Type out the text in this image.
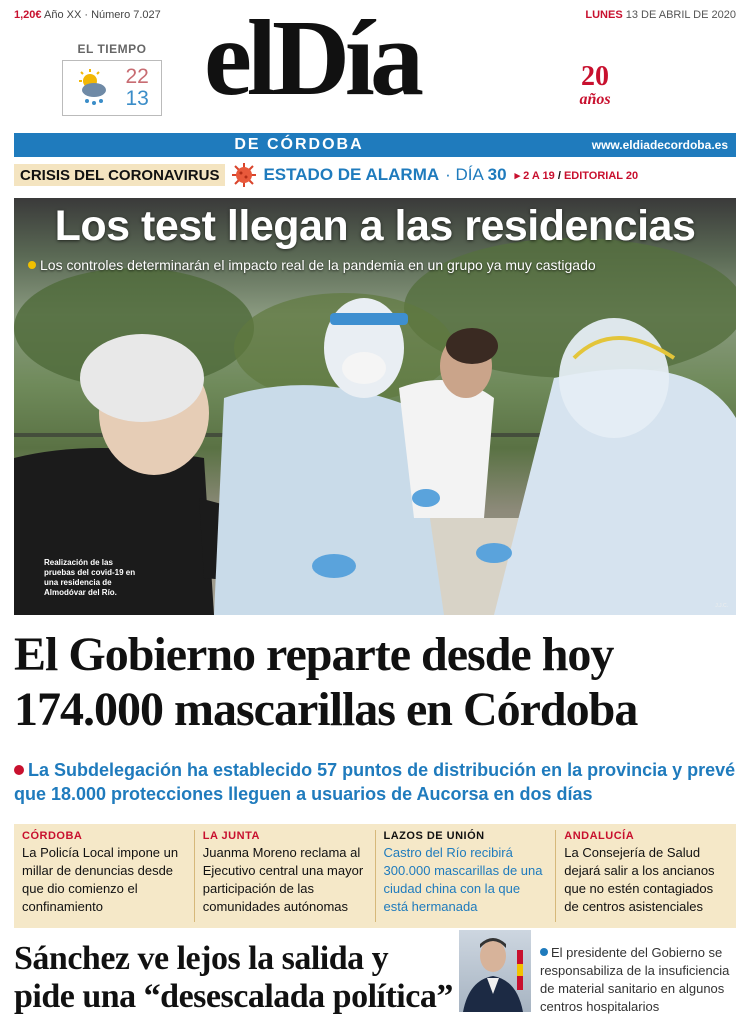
1,20€ Año XX · Número 7.027	LUNES 13 DE ABRIL DE 2020
EL TIEMPO
22
13 elDía	20
años
DE CÓRDOBA	www.eldiadecordoba.es
CRISIS DEL CORONAVIRUS	ESTADO DE ALARMA · DÍA 30 ▸ 2 A 19 / EDITORIAL 20
Los test llegan a las residencias
Los controles determinarán el impacto real de la pandemia en un grupo ya muy castigado
Realización de las pruebas del covid-19 en una residencia de Almodóvar del Río.
J.J.C.
El Gobierno reparte desde hoy 174.000 mascarillas en Córdoba
La Subdelegación ha establecido 57 puntos de distribución en la provincia y prevé que 18.000 protecciones lleguen a usuarios de Aucorsa en dos días
CÓRDOBA
La Policía Local impone un millar de denuncias desde que dio comienzo el confinamiento
LA JUNTA
Juanma Moreno reclama al Ejecutivo central una mayor participación de las comunidades autónomas
LAZOS DE UNIÓN
Castro del Río recibirá 300.000 mascarillas de una ciudad china con la que está hermanada
ANDALUCÍA
La Consejería de Salud dejará salir a los ancianos que no estén contagiados de centros asistenciales
Sánchez ve lejos la salida y pide una “desescalada política”
El presidente del Gobierno se responsabiliza de la insuficiencia de material sanitario en algunos centros hospitalarios
